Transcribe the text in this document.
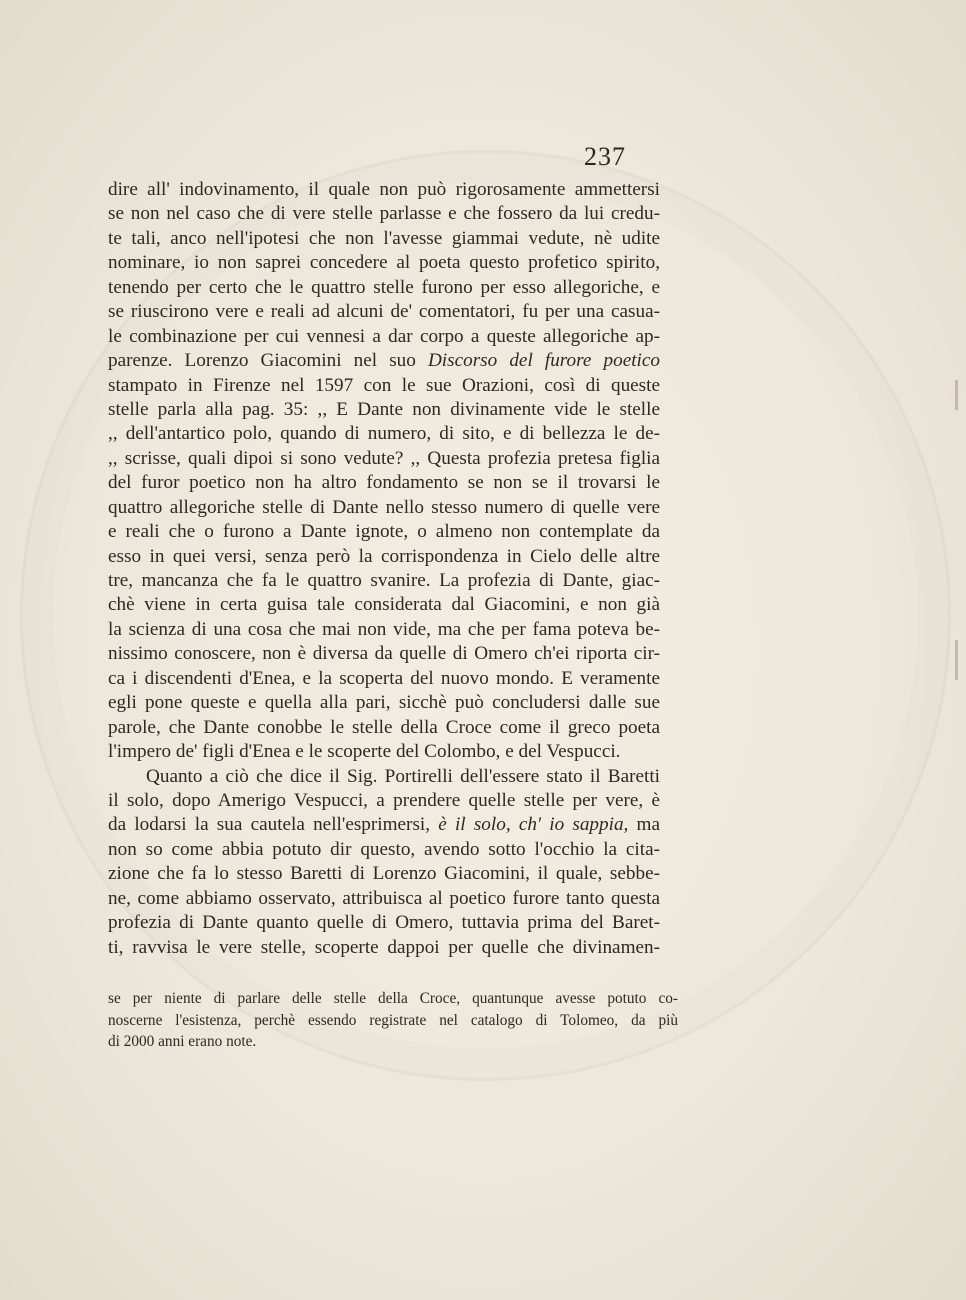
237
dire all' indovinamento, il quale non può rigorosamente ammettersi
se non nel caso che di vere stelle parlasse e che fossero da lui credu-
te tali, anco nell'ipotesi che non l'avesse giammai vedute, nè udite
nominare, io non saprei concedere al poeta questo profetico spirito,
tenendo per certo che le quattro stelle furono per esso allegoriche, e
se riuscirono vere e reali ad alcuni de' comentatori, fu per una casua-
le combinazione per cui vennesi a dar corpo a queste allegoriche ap-
parenze. Lorenzo Giacomini nel suo Discorso del furore poetico
stampato in Firenze nel 1597 con le sue Orazioni, così di queste
stelle parla alla pag. 35: ,, E Dante non divinamente vide le stelle
,, dell'antartico polo, quando di numero, di sito, e di bellezza le de-
,, scrisse, quali dipoi si sono vedute? ,, Questa profezia pretesa figlia
del furor poetico non ha altro fondamento se non se il trovarsi le
quattro allegoriche stelle di Dante nello stesso numero di quelle vere
e reali che o furono a Dante ignote, o almeno non contemplate da
esso in quei versi, senza però la corrispondenza in Cielo delle altre
tre, mancanza che fa le quattro svanire. La profezia di Dante, giac-
chè viene in certa guisa tale considerata dal Giacomini, e non già
la scienza di una cosa che mai non vide, ma che per fama poteva be-
nissimo conoscere, non è diversa da quelle di Omero ch'ei riporta cir-
ca i discendenti d'Enea, e la scoperta del nuovo mondo. E veramente
egli pone queste e quella alla pari, sicchè può concludersi dalle sue
parole, che Dante conobbe le stelle della Croce come il greco poeta
l'impero de' figli d'Enea e le scoperte del Colombo, e del Vespucci.
Quanto a ciò che dice il Sig. Portirelli dell'essere stato il Baretti
il solo, dopo Amerigo Vespucci, a prendere quelle stelle per vere, è
da lodarsi la sua cautela nell'esprimersi, è il solo, ch' io sappia, ma
non so come abbia potuto dir questo, avendo sotto l'occhio la cita-
zione che fa lo stesso Baretti di Lorenzo Giacomini, il quale, sebbe-
ne, come abbiamo osservato, attribuisca al poetico furore tanto questa
profezia di Dante quanto quelle di Omero, tuttavia prima del Baret-
ti, ravvisa le vere stelle, scoperte dappoi per quelle che divinamen-
se per niente di parlare delle stelle della Croce, quantunque avesse potuto co-
noscerne l'esistenza, perchè essendo registrate nel catalogo di Tolomeo, da più
di 2000 anni erano note.
